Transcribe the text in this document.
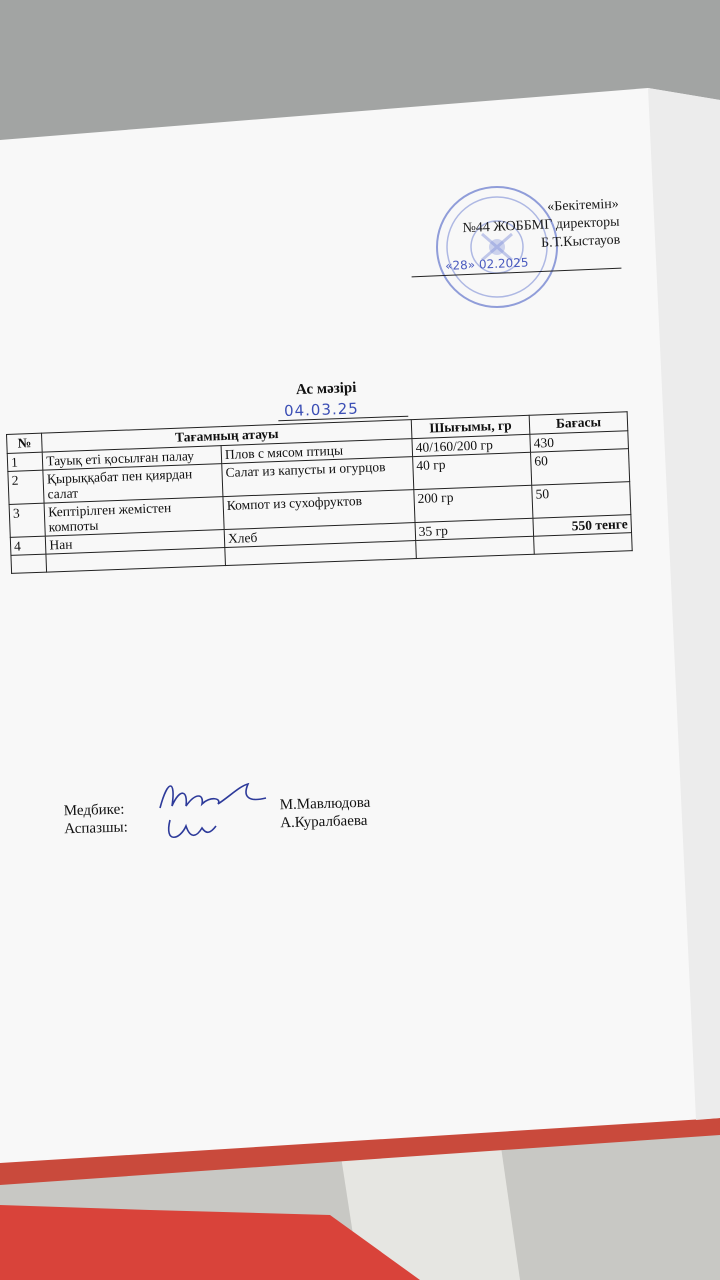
«Бекітемін»
№44 ЖОББМГ директоры
Б.Т.Кыстауов
«28» 02.2025
Ас мәзірі
04.03.25
№	Тағамның атауы		Шығымы, гр	Бағасы
1	Тауық еті қосылған палау	Плов с мясом птицы	40/160/200 гр	430
2	Қырыққабат пен қиярдан салат	Салат из капусты и огурцов	40 гр	60
3	Кептірілген жемістен компоты	Компот из сухофруктов	200 гр	50
4	Нан	Хлеб	35 гр	550 тенге

Медбике:	М.Мавлюдова
Аспазшы:	А.Куралбаева
